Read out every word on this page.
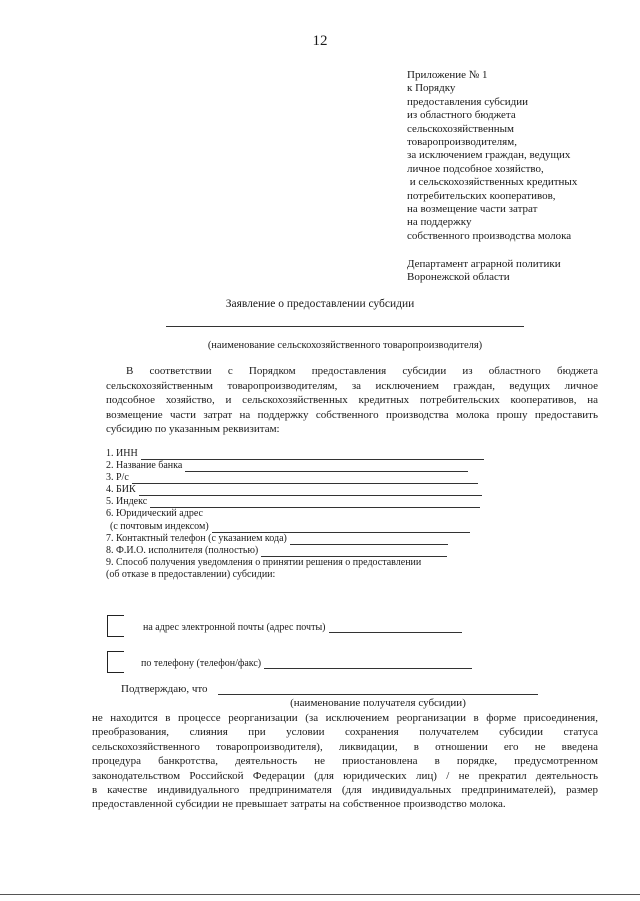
12
Приложение № 1
к Порядку
предоставления субсидии
из областного бюджета
сельскохозяйственным
товаропроизводителям,
за исключением граждан, ведущих
личное подсобное хозяйство,
и сельскохозяйственных кредитных
потребительских кооперативов,
на возмещение части затрат
на поддержку
собственного производства молока
Департамент аграрной политики
Воронежской области
Заявление о предоставлении субсидии
(наименование сельскохозяйственного товаропроизводителя)
В соответствии с Порядком предоставления субсидии из областного бюджета
сельскохозяйственным товаропроизводителям, за исключением граждан, ведущих личное
подсобное хозяйство, и сельскохозяйственных кредитных потребительских кооперативов, на
возмещение части затрат на поддержку собственного производства молока прошу предоставить
субсидию по указанным реквизитам:
1. ИНН
2. Название банка
3. Р/с
4. БИК
5. Индекс
6. Юридический адрес
(с почтовым индексом)
7. Контактный телефон (с указанием кода)
8. Ф.И.О. исполнителя (полностью)
9. Способ получения уведомления о принятии решения о предоставлении
(об отказе в предоставлении) субсидии:
на адрес электронной почты (адрес почты)
по телефону (телефон/факс)
Подтверждаю, что
(наименование получателя субсидии)
не находится в процессе реорганизации (за исключением реорганизации в форме присоединения,
преобразования, слияния при условии сохранения получателем субсидии статуса
сельскохозяйственного товаропроизводителя), ликвидации, в отношении его не введена
процедура банкротства, деятельность не приостановлена в порядке, предусмотренном
законодательством Российской Федерации (для юридических лиц) / не прекратил деятельность
в качестве индивидуального предпринимателя (для индивидуальных предпринимателей), размер
предоставленной субсидии не превышает затраты на собственное производство молока.
